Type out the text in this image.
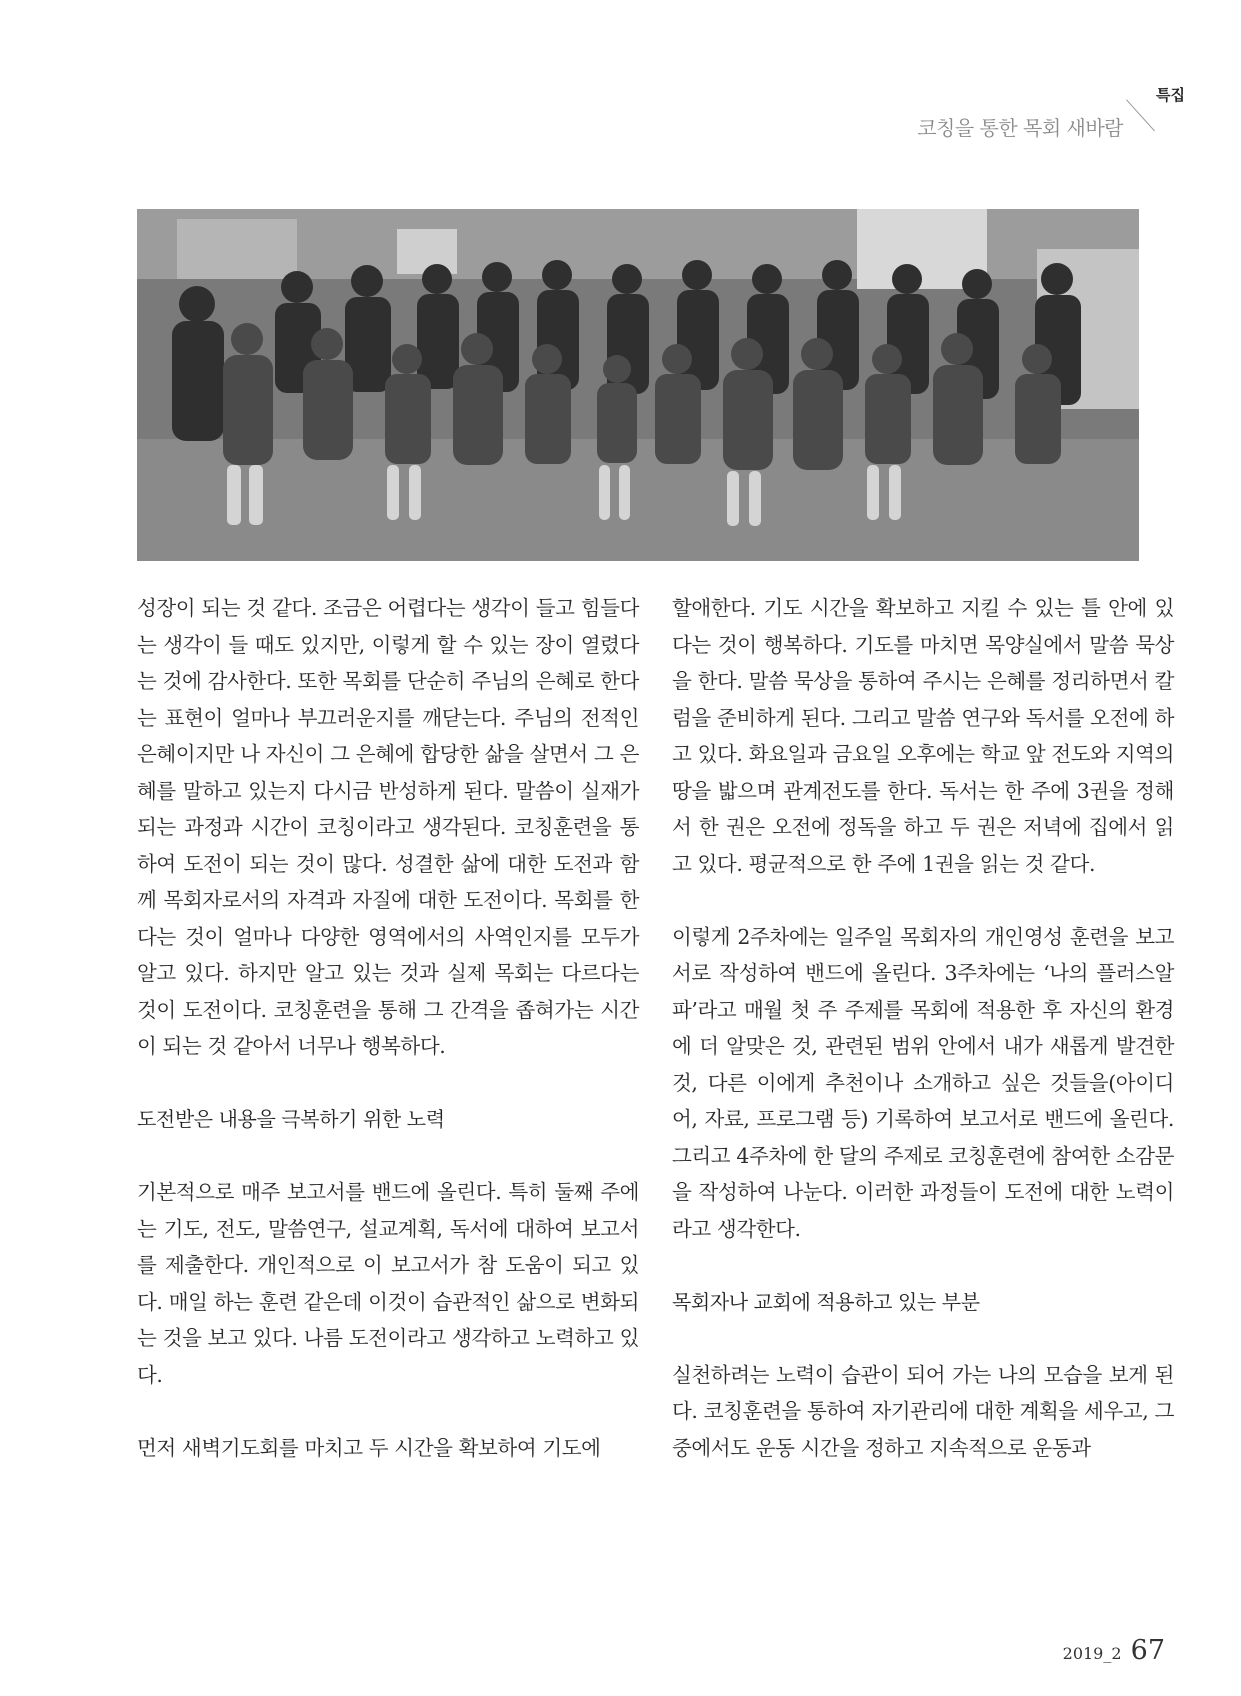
특집
코칭을 통한 목회 새바람

성장이 되는 것 같다. 조금은 어렵다는 생각이 들고 힘들다는 생각이 들 때도 있지만, 이렇게 할 수 있는 장이 열렸다는 것에 감사한다. 또한 목회를 단순히 주님의 은혜로 한다는 표현이 얼마나 부끄러운지를 깨닫는다. 주님의 전적인 은혜이지만 나 자신이 그 은혜에 합당한 삶을 살면서 그 은혜를 말하고 있는지 다시금 반성하게 된다. 말씀이 실재가 되는 과정과 시간이 코칭이라고 생각된다. 코칭훈련을 통하여 도전이 되는 것이 많다. 성결한 삶에 대한 도전과 함께 목회자로서의 자격과 자질에 대한 도전이다. 목회를 한다는 것이 얼마나 다양한 영역에서의 사역인지를 모두가 알고 있다. 하지만 알고 있는 것과 실제 목회는 다르다는 것이 도전이다. 코칭훈련을 통해 그 간격을 좁혀가는 시간이 되는 것 같아서 너무나 행복하다.

도전받은 내용을 극복하기 위한 노력

기본적으로 매주 보고서를 밴드에 올린다. 특히 둘째 주에는 기도, 전도, 말씀연구, 설교계획, 독서에 대하여 보고서를 제출한다. 개인적으로 이 보고서가 참 도움이 되고 있다. 매일 하는 훈련 같은데 이것이 습관적인 삶으로 변화되는 것을 보고 있다. 나름 도전이라고 생각하고 노력하고 있다.

먼저 새벽기도회를 마치고 두 시간을 확보하여 기도에

할애한다. 기도 시간을 확보하고 지킬 수 있는 틀 안에 있다는 것이 행복하다. 기도를 마치면 목양실에서 말씀 묵상을 한다. 말씀 묵상을 통하여 주시는 은혜를 정리하면서 칼럼을 준비하게 된다. 그리고 말씀 연구와 독서를 오전에 하고 있다. 화요일과 금요일 오후에는 학교 앞 전도와 지역의 땅을 밟으며 관계전도를 한다. 독서는 한 주에 3권을 정해서 한 권은 오전에 정독을 하고 두 권은 저녁에 집에서 읽고 있다. 평균적으로 한 주에 1권을 읽는 것 같다.

이렇게 2주차에는 일주일 목회자의 개인영성 훈련을 보고서로 작성하여 밴드에 올린다. 3주차에는 ‘나의 플러스알파’라고 매월 첫 주 주제를 목회에 적용한 후 자신의 환경에 더 알맞은 것, 관련된 범위 안에서 내가 새롭게 발견한 것, 다른 이에게 추천이나 소개하고 싶은 것들을(아이디어, 자료, 프로그램 등) 기록하여 보고서로 밴드에 올린다. 그리고 4주차에 한 달의 주제로 코칭훈련에 참여한 소감문을 작성하여 나눈다. 이러한 과정들이 도전에 대한 노력이라고 생각한다.

목회자나 교회에 적용하고 있는 부분

실천하려는 노력이 습관이 되어 가는 나의 모습을 보게 된다. 코칭훈련을 통하여 자기관리에 대한 계획을 세우고, 그 중에서도 운동 시간을 정하고 지속적으로 운동과

2019_2 67
